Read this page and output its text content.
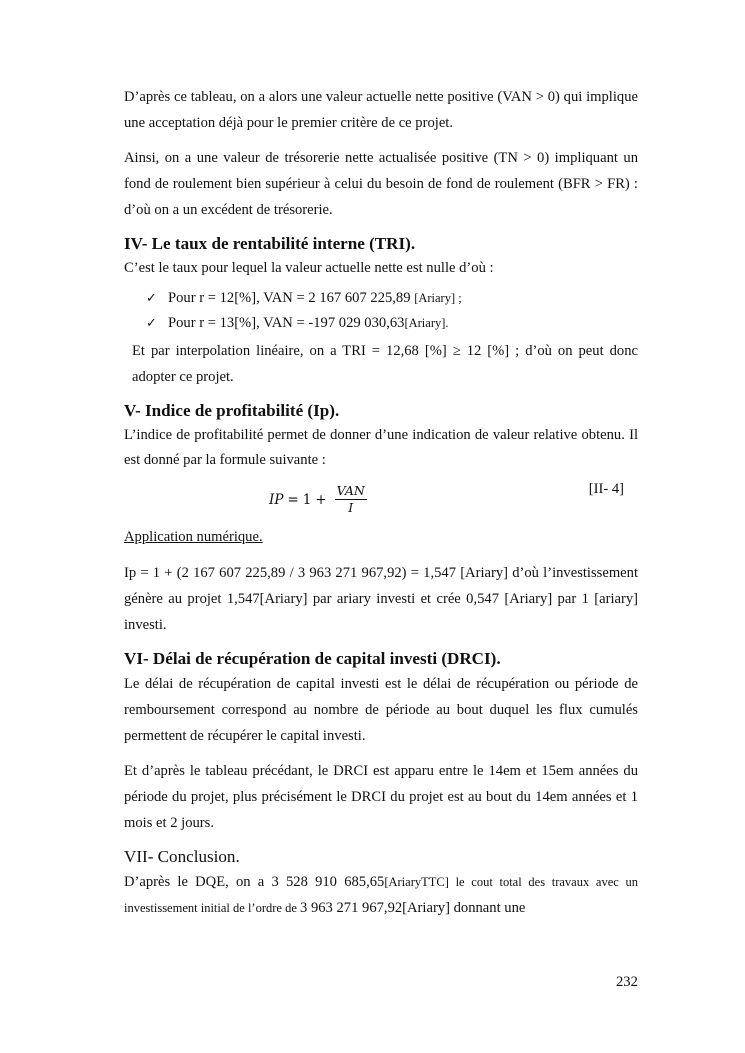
D’après ce tableau, on a alors une valeur actuelle nette positive (VAN > 0) qui implique une acceptation déjà pour le premier critère de ce projet.

Ainsi, on a une valeur de trésorerie nette actualisée positive (TN > 0) impliquant un fond de roulement bien supérieur à celui du besoin de fond de roulement (BFR > FR) : d’où on a un excédent de trésorerie.

IV- Le taux de rentabilité interne (TRI).

C’est le taux pour lequel la valeur actuelle nette est nulle d’où :

✓ Pour r = 12[%], VAN = 2 167 607 225,89 [Ariary] ;
✓ Pour r = 13[%], VAN = -197 029 030,63[Ariary].

Et par interpolation linéaire, on a TRI = 12,68 [%] ≥ 12 [%] ; d’où on peut donc adopter ce projet.

V- Indice de profitabilité (Ip).

L’indice de profitabilité permet de donner d’une indication de valeur relative obtenu. Il est donné par la formule suivante :

IP = $1 + \frac{\text{VAN}}{I}$	[II- 4]

Application numérique.

Ip = 1 + (2 167 607 225,89 / 3 963 271 967,92) = 1,547 [Ariary] d’où l’investissement génère au projet 1,547[Ariary] par ariary investi et crée 0,547 [Ariary] par 1 [ariary] investi.

VI- Délai de récupération de capital investi (DRCI).

Le délai de récupération de capital investi est le délai de récupération ou période de remboursement correspond au nombre de période au bout duquel les flux cumulés permettent de récupérer le capital investi.

Et d’après le tableau précédant, le DRCI est apparu entre le 14em et 15em années du période du projet, plus précisément le DRCI du projet est au bout du 14em années et 1 mois et 2 jours.

VII- Conclusion.

D’après le DQE, on a 3 528 910 685,65[AriaryTTC] le cout total des travaux avec un

investissement initial de l’ordre de 3 963 271 967,92[Ariary] donnant une

232
